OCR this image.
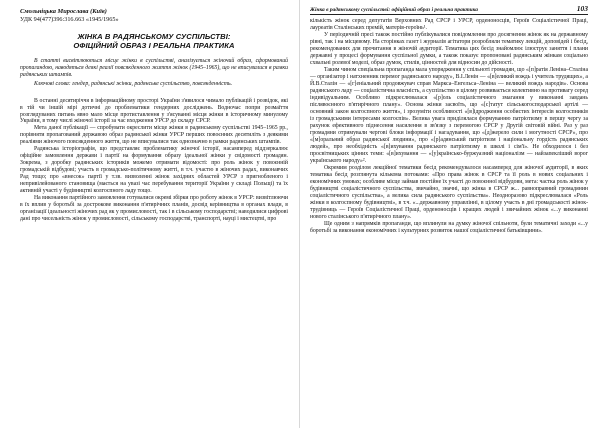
Смольніцька Мирослава (Київ)
УДК 94(477)396:316.663 «1945/1965»
ЖІНКА В РАДЯНСЬКОМУ СУСПІЛЬСТВІ:
ОФІЦІЙНИЙ ОБРАЗ І РЕАЛЬНА ПРАКТИКА

В статті висвітлюються місце жінки в суспільстві, аналізується жіночий образ, сформований пропагандою, наводяться деякі реалії повсякденного життя жінок (1945–1965), що не вписувалися в рамки радянських штампів.

Ключові слова: гендер, радянські жінки, радянське суспільство, повсякденність.

В останні десятиріччя в інформаційному просторі України з'явилося чимало публікацій і розвідок, які в тій чи іншій мірі дотичні до проблематики гендерних досліджень. Водночас попри розмаїття розглядуваних питань явно мало місце протиставлення у з'ясуванні місця жінки в історичному минулому України, в тому числі жіночої історії за час входження УРСР до складу СРСР.

Мета даної публікації — спробувати окреслити місце жінки в радянському суспільстві 1945–1965 рр., порівняти пропагований державою образ радянської жінки УРСР перших повоєнних десятиліть з деякими реаліями жіночого повсякденного життя, що не вписувалися так однозначно в рамки радянських штампів.

Радянська історіографія, що представляє проблематику жіночої історії, насамперед віддзеркалює офіційне замовлення держави і партії на формування образу ідеальної жінки у свідомості громадян. Зокрема, з доробку радянських істориків можемо отримати відомості: про роль жінок у повоєнній громадській відбудові; участь в громадсько-політичному житті, в т.ч. участю в жіночих радах, виконавчих Рад тощо; про «внесок» партії у т.зв. визволенні жінок західних областей УРСР з пригнобленого і непривілейованого становища (мається на увазі час перебування території України у складі Польщі) та їх активній участі у будівництві колгоспного ладу тощо.

На виконання партійного замовлення готувалися окремі збірки про роботу жінок в УРСР: визвітлюючи в їх вплив у боротьбі за дострокове виконання п'ятирічних планів, досвід керівництва в органах влади, в організації ідеальності жіночих рад як у промисловості, так і в сільському господарстві; наводилися цифрові дані про чисельність жінок у промисловості, сільському господарстві, транспорті, науці і мистецтві, про

Жінка в радянському суспільстві: офіційний образ і реальна практика	103

кількість жінок серед депутатів Верховних Рад СРСР і УРСР, орденоносців, Героїв Соціалістичної Праці, лауреатів Сталінських премій, матерів-героїнь¹.

У періодичній пресі також постійно публікувалися повідомлення про досягнення жінок як на державному рівні, так і на місцевому. На сторінках газет і журналів агітатори розробляли тематику лекцій, доповідей і бесід, рекомендованих для прочитання в жіночій аудиторії. Тематика цих бесід знайомлює ілюструє заняття і плани державні у процесі формування суспільної думки, а також показує пропоновані радянським жінкам соціально схвальні ролевої моделі, образ думок, стилів, цінностей для відносин до дійсності.

Таким чином спеціальна пропаганда мала упорядження у спільноті громадян, що «[п]ратія Леніна–Сталіна — організатор і натхненник перемог радянського народу», В.І.Ленін — «[в]еликий вождь і учитель трудящих», а Й.В.Сталін — «[г]еніальний продовжувач справ Маркса–Енгельса–Леніна — великий вождь народів». Основа радянського ладу — соціалістична власність, а суспільство в цілому розвивається колективно на противагу серед індивідуальним. Особливо підкреслювалася «[р]оль соціалістичного змагання у виконанні завдань післявоєнного п'ятирічного плану». Основа жінки засвоїть, що «[с]татут сільськогосподарської артілі — основний закон колгоспного життя», і зрозуміти особливості «[в]ідродження особистих інтересів колгоспників із громадськими інтересами колгоспів». Велика увага приділялася формуванню патріотизму в першу чергу за рахунок ефективного піднесення насилення в зв'язку з перемогою СРСР у Другій світовій війні. Раз у раз громадяни отримували чергові блоки інформації і нагадування, що «[д]жерело сили і могутності СРСР», про «[м]оральний образ радянської людини», про «[р]адянський патріотизм і національну гордість радянських людей», про необхідність «[в]ихування радянського патріотизму в школі і сім'ї». Не обходилося і без просвітницьких цінних теми: «[в]ихування — «[у]країнсько-буржуазний націоналізм — найзапекліший ворог українського народу»².

Окремим розділом лекційної тематики бесід рекомендувалося насамперед для жіночої аудиторії, в яких тематика бесід розглянута кількома потоками: «Про права жінок в СРСР та її роль в нових соціальних і економічних умовах; особливе місце займав постійне їх участі до повоєнної відбудови, мета: частка роль жінок у будівництві соціалістичного суспільства, звичайно, значні, що жінка в СРСР ж... равноправний громадянин соціалістичного суспільства», а велика сила радянського суспільства». Неодноразово підкреслювалася «Роль жінки в колгоспному будівництві», в т.ч. «...державному управлінні, в цілому участь в дні громадськості жінок-трудівниць — Героїв Соціалістичної Праці, орденоносців і кращих людей і звичайних жінок «...у виконанні нового сталінського п'ятирічного плану».

Ще одним з напрямків пропаганди, що вплинули на думку жіночої спільноти, були тематичні заходи «...у боротьбі за виконання економічних і культурних розвиток нашої соціалістичної батьківщини».
